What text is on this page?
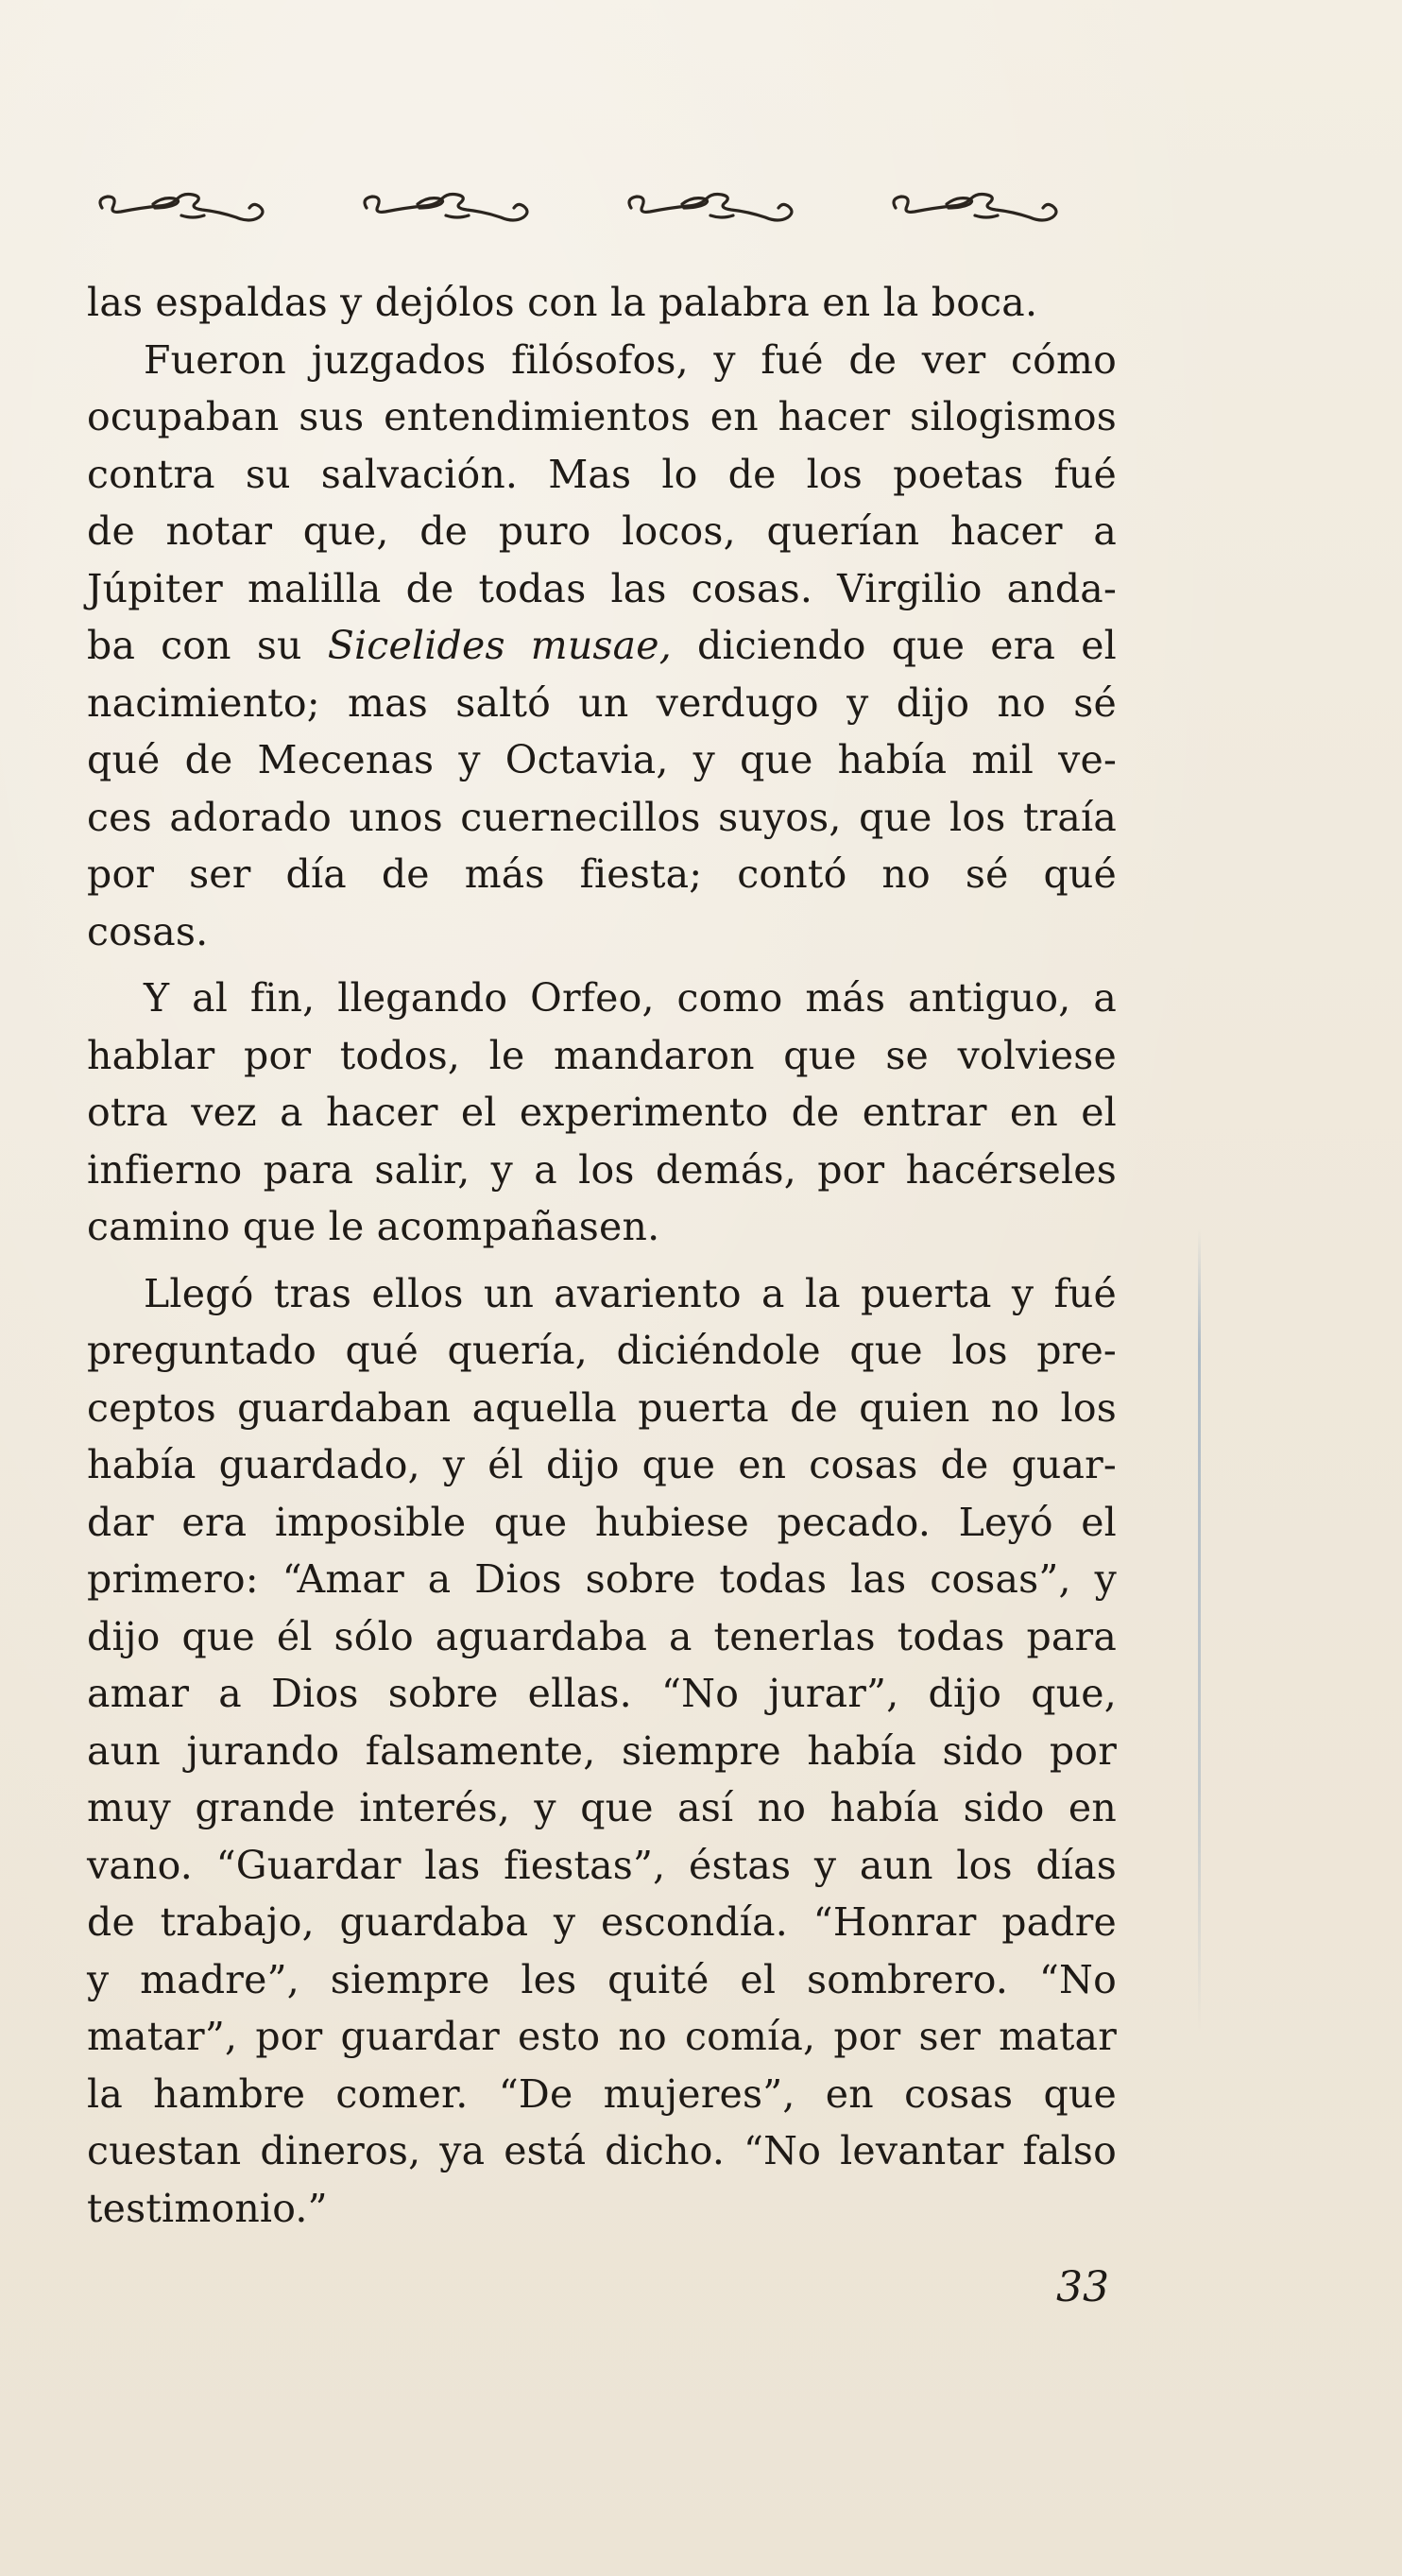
las espaldas y dejólos con la palabra en la boca.
Fueron juzgados filósofos, y fué de ver cómo
ocupaban sus entendimientos en hacer silogismos
contra su salvación. Mas lo de los poetas fué
de notar que, de puro locos, querían hacer a
Júpiter malilla de todas las cosas. Virgilio anda-
ba con su Sicelides musae, diciendo que era el
nacimiento; mas saltó un verdugo y dijo no sé
qué de Mecenas y Octavia, y que había mil ve-
ces adorado unos cuernecillos suyos, que los traía
por ser día de más fiesta; contó no sé qué
cosas.
Y al fin, llegando Orfeo, como más antiguo, a
hablar por todos, le mandaron que se volviese
otra vez a hacer el experimento de entrar en el
infierno para salir, y a los demás, por hacérseles
camino que le acompañasen.
Llegó tras ellos un avariento a la puerta y fué
preguntado qué quería, diciéndole que los pre-
ceptos guardaban aquella puerta de quien no los
había guardado, y él dijo que en cosas de guar-
dar era imposible que hubiese pecado. Leyó el
primero: “Amar a Dios sobre todas las cosas”, y
dijo que él sólo aguardaba a tenerlas todas para
amar a Dios sobre ellas. “No jurar”, dijo que,
aun jurando falsamente, siempre había sido por
muy grande interés, y que así no había sido en
vano. “Guardar las fiestas”, éstas y aun los días
de trabajo, guardaba y escondía. “Honrar padre
y madre”, siempre les quité el sombrero. “No
matar”, por guardar esto no comía, por ser matar
la hambre comer. “De mujeres”, en cosas que
cuestan dineros, ya está dicho. “No levantar falso
testimonio.”
33
